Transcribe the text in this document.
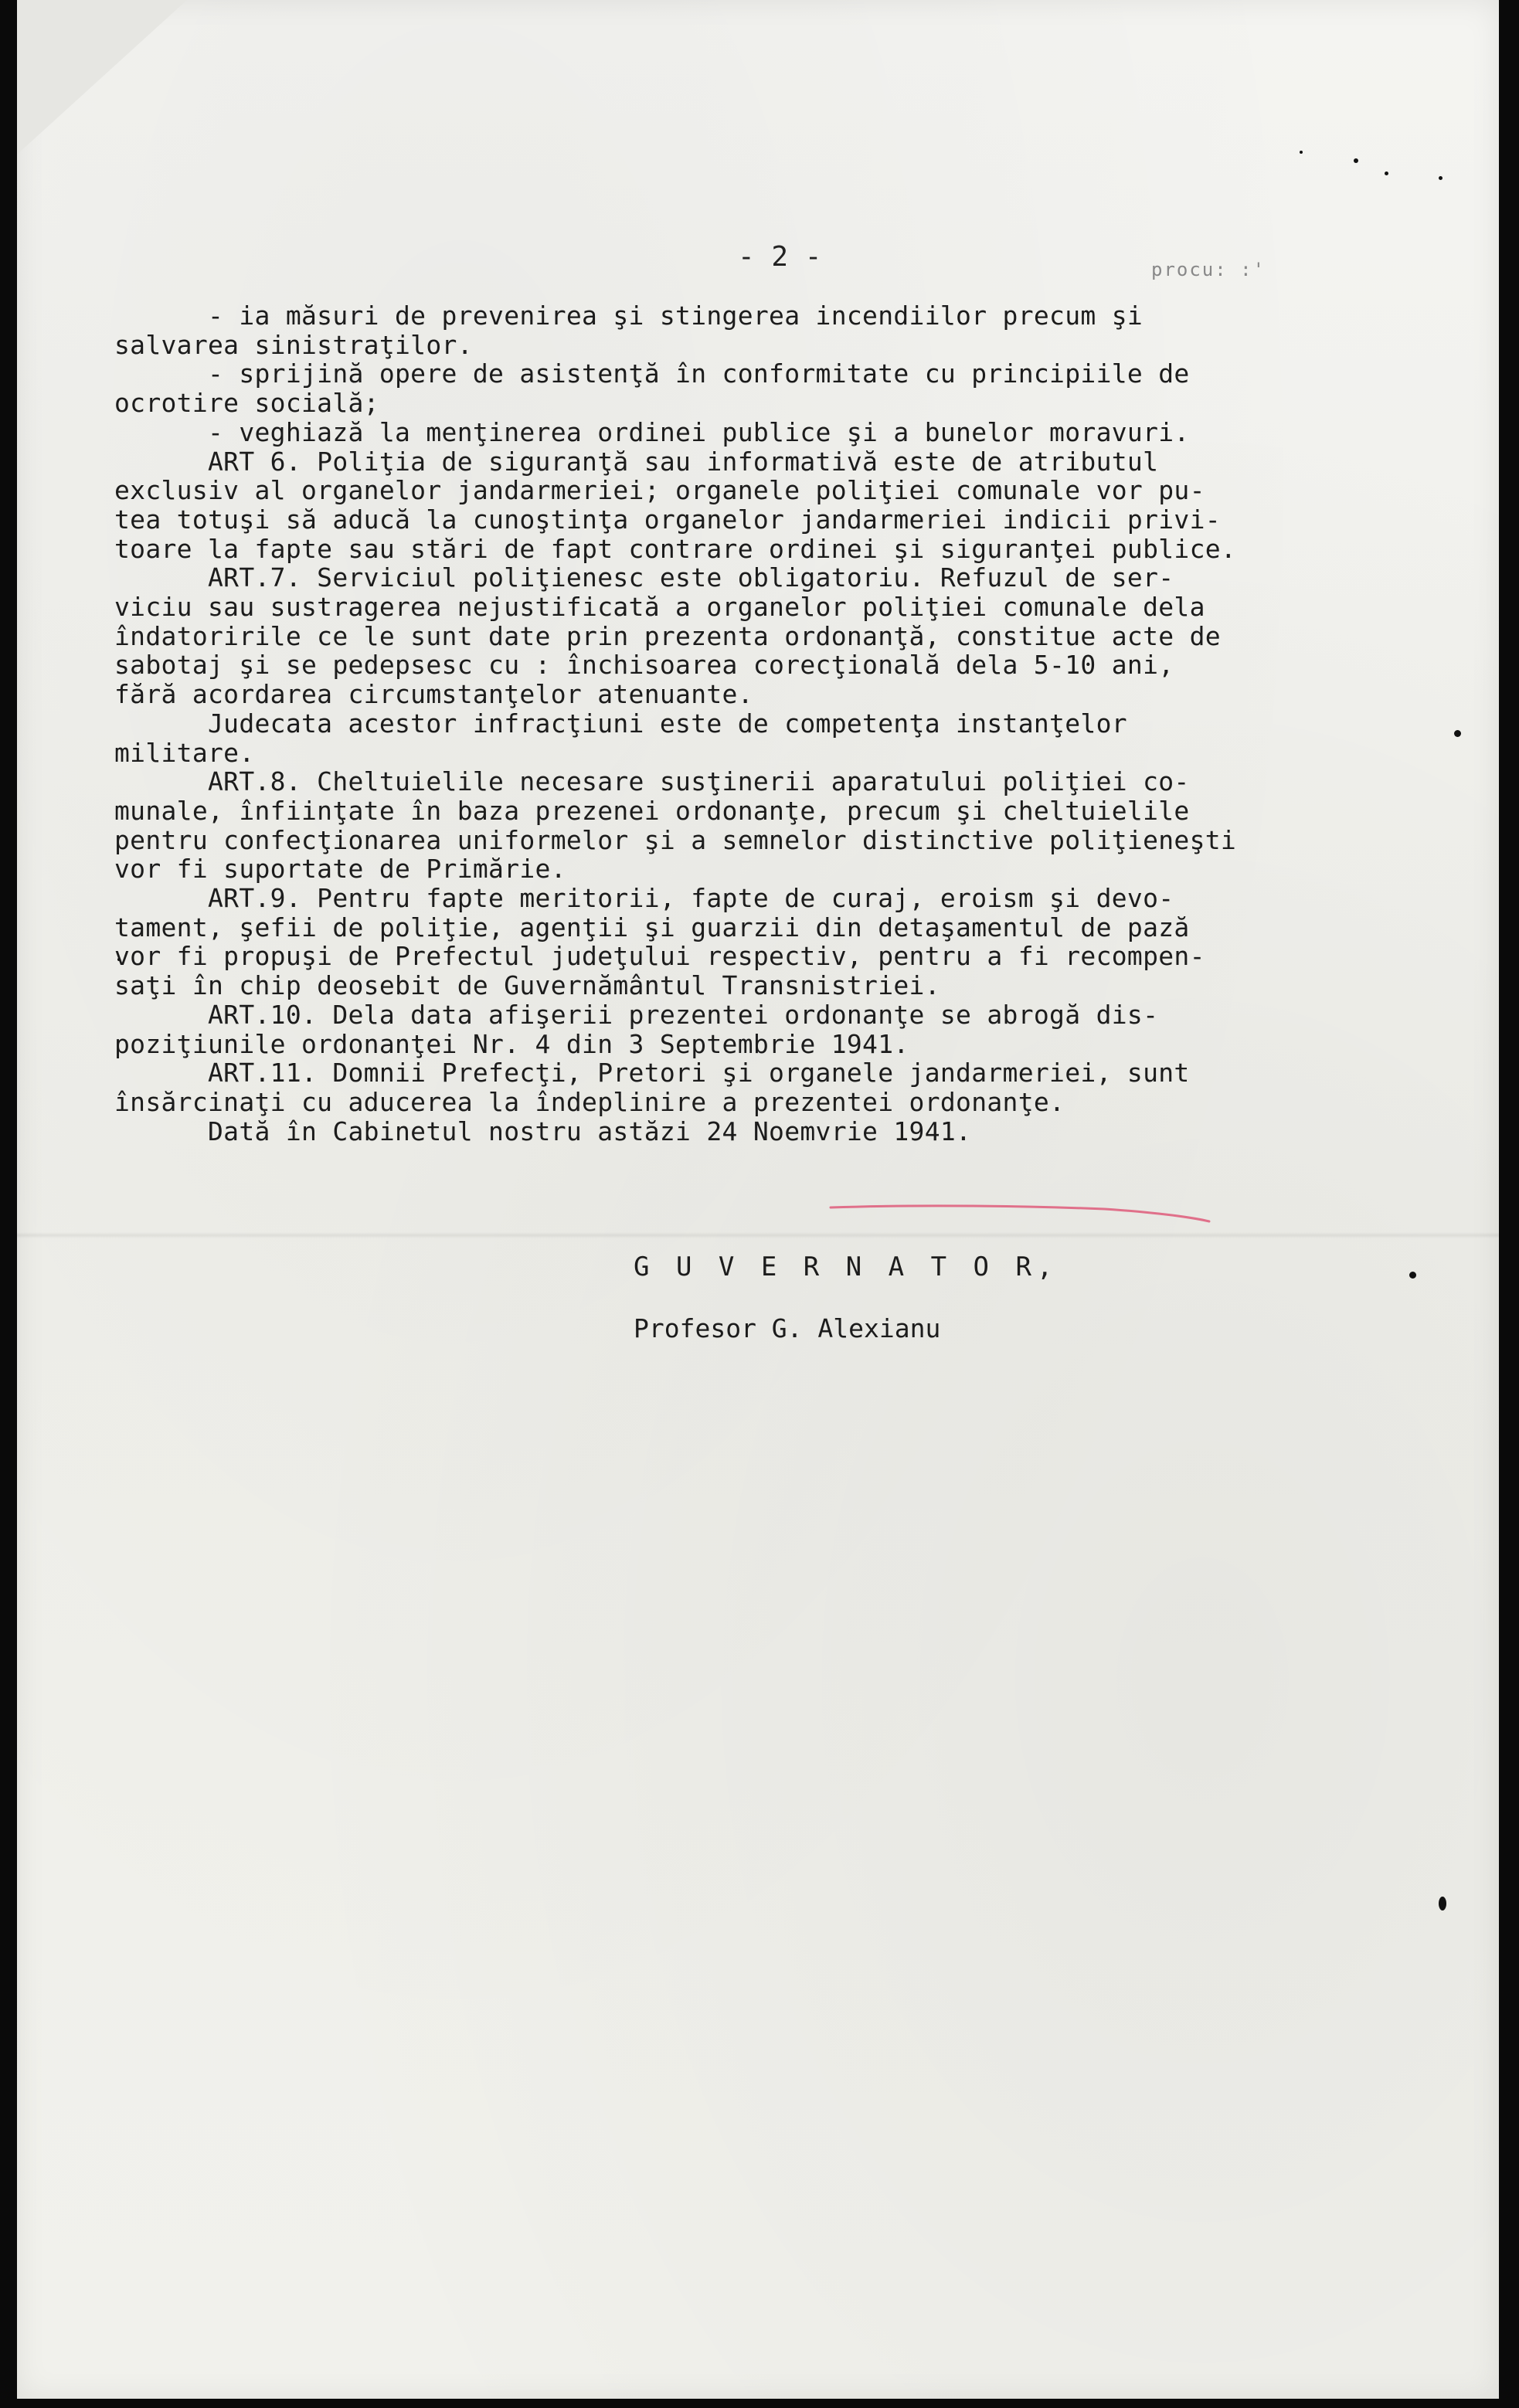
- 2 -	procu: :'
- ia măsuri de prevenirea şi stingerea incendiilor precum şi
salvarea sinistraţilor.
- sprijină opere de asistenţă în conformitate cu principiile de
ocrotire socială;
- veghiază la menţinerea ordinei publice şi a bunelor moravuri.
ART 6. Poliţia de siguranţă sau informativă este de atributul
exclusiv al organelor jandarmeriei; organele poliţiei comunale vor pu-
tea totuşi să aducă la cunoştinţa organelor jandarmeriei indicii privi-
toare la fapte sau stări de fapt contrare ordinei şi siguranţei publice.
ART.7. Serviciul poliţienesc este obligatoriu. Refuzul de ser-
viciu sau sustragerea nejustificată a organelor poliţiei comunale dela
îndatoririle ce le sunt date prin prezenta ordonanţă, constitue acte de
sabotaj şi se pedepsesc cu : închisoarea corecţională dela 5-10 ani,
fără acordarea circumstanţelor atenuante.
Judecata acestor infracţiuni este de competenţa instanţelor
militare.
ART.8. Cheltuielile necesare susţinerii aparatului poliţiei co-
munale, înfiinţate în baza prezenei ordonanţe, precum şi cheltuielile
pentru confecţionarea uniformelor şi a semnelor distinctive poliţieneşti
vor fi suportate de Primărie.
ART.9. Pentru fapte meritorii, fapte de curaj, eroism şi devo-
tament, şefii de poliţie, agenţii şi guarzii din detaşamentul de pază
vor fi propuşi de Prefectul judeţului respectiv, pentru a fi recompen-
saţi în chip deosebit de Guvernământul Transnistriei.
ART.10. Dela data afişerii prezentei ordonanţe se abrogă dis-
poziţiunile ordonanţei Nr. 4 din 3 Septembrie 1941.
ART.11. Domnii Prefecţi, Pretori şi organele jandarmeriei, sunt
însărcinaţi cu aducerea la îndeplinire a prezentei ordonanţe.
Dată în Cabinetul nostru astăzi 24 Noemvrie 1941.
G U V E R N A T O R,
Profesor G. Alexianu
